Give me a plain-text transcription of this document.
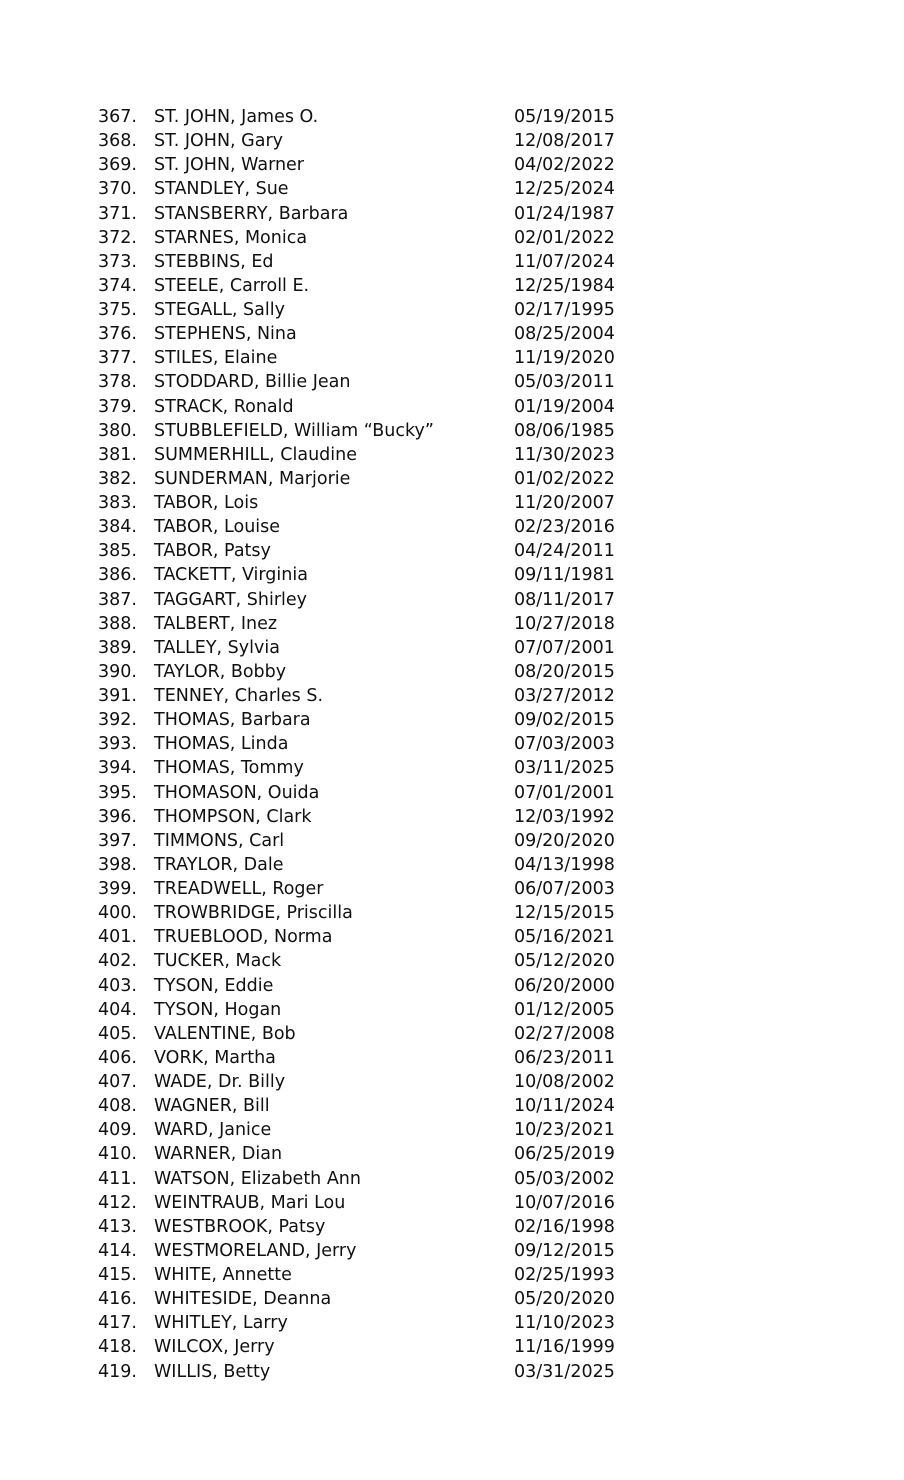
367. ST. JOHN, James O.	05/19/2015
368. ST. JOHN, Gary	12/08/2017
369. ST. JOHN, Warner	04/02/2022
370. STANDLEY, Sue	12/25/2024
371. STANSBERRY, Barbara	01/24/1987
372. STARNES, Monica	02/01/2022
373. STEBBINS, Ed	11/07/2024
374. STEELE, Carroll E.	12/25/1984
375. STEGALL, Sally	02/17/1995
376. STEPHENS, Nina	08/25/2004
377. STILES, Elaine	11/19/2020
378. STODDARD, Billie Jean	05/03/2011
379. STRACK, Ronald	01/19/2004
380. STUBBLEFIELD, William “Bucky”	08/06/1985
381. SUMMERHILL, Claudine	11/30/2023
382. SUNDERMAN, Marjorie	01/02/2022
383. TABOR, Lois	11/20/2007
384. TABOR, Louise	02/23/2016
385. TABOR, Patsy	04/24/2011
386. TACKETT, Virginia	09/11/1981
387. TAGGART, Shirley	08/11/2017
388. TALBERT, Inez	10/27/2018
389. TALLEY, Sylvia	07/07/2001
390. TAYLOR, Bobby	08/20/2015
391. TENNEY, Charles S.	03/27/2012
392. THOMAS, Barbara	09/02/2015
393. THOMAS, Linda	07/03/2003
394. THOMAS, Tommy	03/11/2025
395. THOMASON, Ouida	07/01/2001
396. THOMPSON, Clark	12/03/1992
397. TIMMONS, Carl	09/20/2020
398. TRAYLOR, Dale	04/13/1998
399. TREADWELL, Roger	06/07/2003
400. TROWBRIDGE, Priscilla	12/15/2015
401. TRUEBLOOD, Norma	05/16/2021
402. TUCKER, Mack	05/12/2020
403. TYSON, Eddie	06/20/2000
404. TYSON, Hogan	01/12/2005
405. VALENTINE, Bob	02/27/2008
406. VORK, Martha	06/23/2011
407. WADE, Dr. Billy	10/08/2002
408. WAGNER, Bill	10/11/2024
409. WARD, Janice	10/23/2021
410. WARNER, Dian	06/25/2019
411. WATSON, Elizabeth Ann	05/03/2002
412. WEINTRAUB, Mari Lou	10/07/2016
413. WESTBROOK, Patsy	02/16/1998
414. WESTMORELAND, Jerry	09/12/2015
415. WHITE, Annette	02/25/1993
416. WHITESIDE, Deanna	05/20/2020
417. WHITLEY, Larry	11/10/2023
418. WILCOX, Jerry	11/16/1999
419. WILLIS, Betty	03/31/2025
